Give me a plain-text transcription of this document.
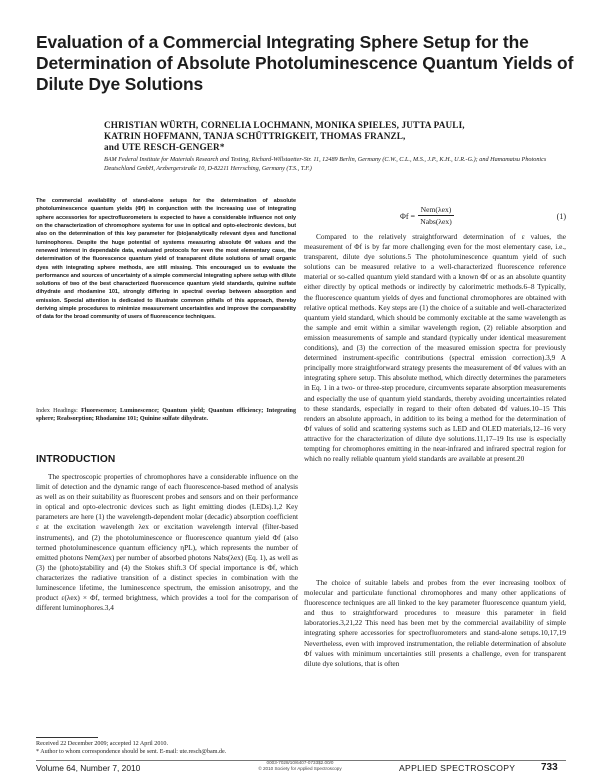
Evaluation of a Commercial Integrating Sphere Setup for the Determination of Absolute Photoluminescence Quantum Yields of Dilute Dye Solutions
CHRISTIAN WÜRTH, CORNELIA LOCHMANN, MONIKA SPIELES, JUTTA PAULI,
KATRIN HOFFMANN, TANJA SCHÜTTRIGKEIT, THOMAS FRANZL,
and UTE RESCH-GENGER*
BAM Federal Institute for Materials Research and Testing, Richard-Willstaetter-Str. 11, 12489 Berlin, Germany (C.W., C.L., M.S., J.P., K.H., U.R.-G.); and Hamamatsu Photonics Deutschland GmbH, Arzbergerstraße 10, D-82211 Herrsching, Germany (T.S., T.F.)
The commercial availability of stand-alone setups for the determination of absolute photoluminescence quantum yields (Φf) in conjunction with the increasing use of integrating sphere accessories for spectrofluorometers is expected to have a considerable influence not only on the characterization of chromophore systems for use in optical and opto-electronic devices, but also on the determination of this key parameter for (bio)analytically relevant dyes and functional luminophores. Despite the huge potential of systems measuring absolute Φf values and the renewed interest in dependable data, evaluated protocols for even the most elementary case, the determination of the fluorescence quantum yield of transparent dilute solutions of small organic dyes with integrating sphere methods, are still missing. This encouraged us to evaluate the performance and sources of uncertainty of a simple commercial integrating sphere setup with dilute solutions of two of the best characterized fluorescence quantum yield standards, quinine sulfate dihydrate and rhodamine 101, strongly differing in spectral overlap between absorption and emission. Special attention is dedicated to illustrate common pitfalls of this approach, thereby deriving simple procedures to minimize measurement uncertainties and improve the comparability of data for the broad community of users of fluorescence techniques.
Index Headings: Fluorescence; Luminescence; Quantum yield; Quantum efficiency; Integrating sphere; Reabsorption; Rhodamine 101; Quinine sulfate dihydrate.
INTRODUCTION
The spectroscopic properties of chromophores have a considerable influence on the limit of detection and the dynamic range of each fluorescence-based method of analysis as well as on their suitability as fluorescent probes and sensors and on their performance in optical and opto-electronic devices such as light emitting diodes (LEDs).1,2 Key parameters are here (1) the wavelength-dependent molar (decadic) absorption coefficient ε at the excitation wavelength λex or excitation wavelength interval (filter-based instruments), and (2) the photoluminescence or fluorescence quantum yield Φf (also termed photoluminescence quantum efficiency ηPL), which represents the number of emitted photons Nem(λex) per number of absorbed photons Nabs(λex) (Eq. 1), as well as (3) the (photo)stability and (4) the Stokes shift.3 Of special importance is Φf, which characterizes the radiative transition of a distinct species in combination with the luminescence lifetime, the luminescence spectrum, the emission anisotropy, and the product ε(λex) × Φf, termed brightness, which provides a tool for the comparison of different luminophores.3,4
Φf =
Nem(λex)
Nabs(λex)
(1)
Compared to the relatively straightforward determination of ε values, the measurement of Φf is by far more challenging even for the most elementary case, i.e., transparent, dilute dye solutions.5 The photoluminescence quantum yield of such solutions can be measured relative to a well-characterized fluorescence reference material or so-called quantum yield standard with a known Φf or as an absolute quantity either directly by optical methods or indirectly by calorimetric methods.6–8 Typically, the fluorescence quantum yields of dyes and functional chromophores are obtained with relative optical methods. Key steps are (1) the choice of a suitable and well-characterized quantum yield standard, which should be commonly excitable at the same wavelength as the sample and emit within a similar wavelength region, (2) reliable absorption and emission measurements of sample and standard (typically under identical measurement conditions), and (3) the correction of the measured emission spectra for previously determined instrument-specific contributions (spectral emission correction).3,9 A principally more straightforward strategy presents the measurement of Φf values with an integrating sphere setup. This absolute method, which directly determines the parameters in Eq. 1 in a two- or three-step procedure, circumvents separate absorption measurements and especially the use of quantum yield standards, thereby avoiding uncertainties related to these standards, especially in regard to their often debated Φf values.10–15 This renders an absolute approach, in addition to its being a method for the determination of Φf values of solid and scattering systems such as LED and OLED materials,12–16 very attractive for the characterization of dilute dye solutions.11,17–19 Its use is especially tempting for chromophores emitting in the near-infrared and infrared spectral region for which no really reliable quantum yield standards are available at present.20
The choice of suitable labels and probes from the ever increasing toolbox of molecular and particulate functional chromophores and many other applications of fluorescence techniques are all linked to the key parameter fluorescence quantum yield, and thus to straightforward procedures to measure this parameter in field laboratories.3,21,22 This need has been met by the commercial availability of simple integrating sphere accessories for spectrofluorometers and stand-alone setups.10,17,19 Nevertheless, even with improved instrumentation, the reliable determination of absolute Φf values with minimum uncertainties still presents a challenge, even for transparent dilute dye solutions, that is often
Received 22 December 2009; accepted 12 April 2010.
* Author to whom correspondence should be sent. E-mail: ute.resch@bam.de.
Volume 64, Number 7, 2010
0003-7028/10/6407-0733$2.00/0
© 2010 Society for Applied Spectroscopy	APPLIED SPECTROSCOPY	733
